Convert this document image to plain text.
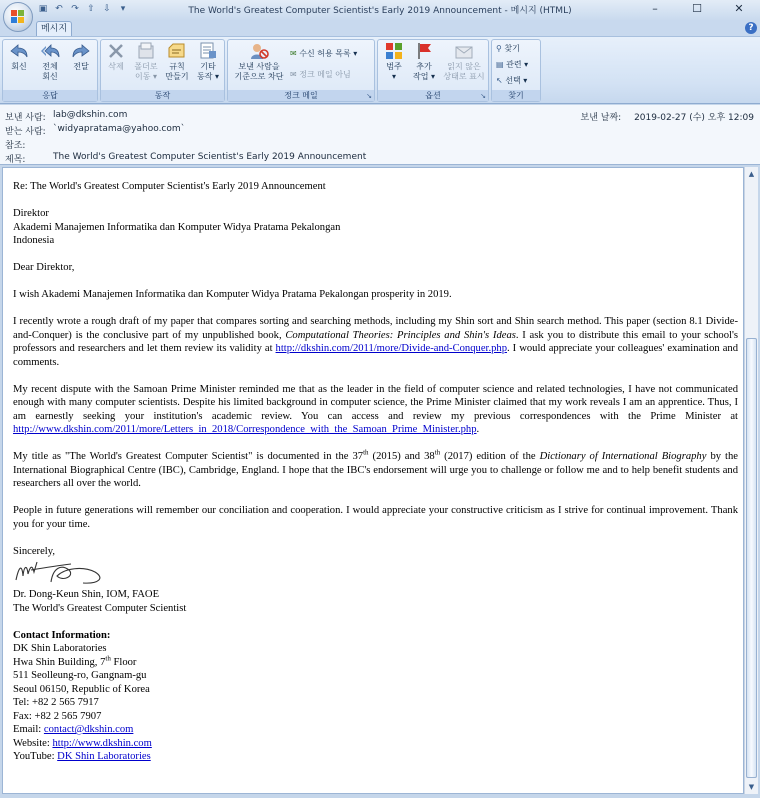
▣ ↶ ↷ ⇧ ⇩	▾	The World's Greatest Computer Scientist's Early 2019 Announcement - 메시지 (HTML)	–	☐	✕
메시지	?
회신	전체
회신
전달
응답
삭제	폴더로
이동 ▾
규칙
만들기
기타
동작 ▾
동작
보낸 사람을
기준으로 차단
✉ 수신 허용 목록 ▾
✉ 정크 메일 아님
정크 메일	↘
범주
▾
추가
작업 ▾
읽지 않은
상태로 표시
옵션	↘
⚲ 찾기
▤ 관련 ▾
↖ 선택 ▾
찾기
보낸 사람: lab@dkshin.com
받는 사람: `widyapratama@yahoo.com`
참조:
제목:	The World's Greatest Computer Scientist's Early 2019 Announcement
보낸 날짜: 2019-02-27 (수) 오후 12:09

Re: The World's Greatest Computer Scientist's Early 2019 Announcement

Direktor
Akademi Manajemen Informatika dan Komputer Widya Pratama Pekalongan
Indonesia

Dear Direktor,

I wish Akademi Manajemen Informatika dan Komputer Widya Pratama Pekalongan prosperity in 2019.

I recently wrote a rough draft of my paper that compares sorting and searching methods, including my Shin sort and Shin search method. This paper (section 8.1 Divide-and-Conquer) is the conclusive part of my unpublished book, Computational Theories: Principles and Shin's Ideas. I ask you to distribute this email to your school's professors and researchers and let them review its validity at http://dkshin.com/2011/more/Divide-and-Conquer.php. I would appreciate your colleagues' examination and comments.

My recent dispute with the Samoan Prime Minister reminded me that as the leader in the field of computer science and related technologies, I have not communicated enough with many computer scientists. Despite his limited background in computer science, the Prime Minister claimed that my work reveals I am an apprentice. Thus, I am earnestly seeking your institution's academic review. You can access and review my previous correspondences with the Prime Minister at http://www.dkshin.com/2011/more/Letters_in_2018/Correspondence_with_the_Samoan_Prime_Minister.php.

My title as "The World's Greatest Computer Scientist" is documented in the 37th (2015) and 38th (2017) edition of the Dictionary of International Biography by the International Biographical Centre (IBC), Cambridge, England. I hope that the IBC's endorsement will urge you to challenge or follow me and to help benefit students and researchers all over the world.

People in future generations will remember our conciliation and cooperation. I would appreciate your constructive criticism as I strive for continual improvement. Thank you for your time.

Sincerely,

Dr. Dong-Keun Shin, IOM, FAOE
The World's Greatest Computer Scientist

Contact Information:
DK Shin Laboratories
Hwa Shin Building, 7th Floor
511 Seolleung-ro, Gangnam-gu
Seoul 06150, Republic of Korea
Tel: +82 2 565 7917
Fax: +82 2 565 7907
Email: contact@dkshin.com
Website: http://www.dkshin.com
YouTube: DK Shin Laboratories

▲
▼
